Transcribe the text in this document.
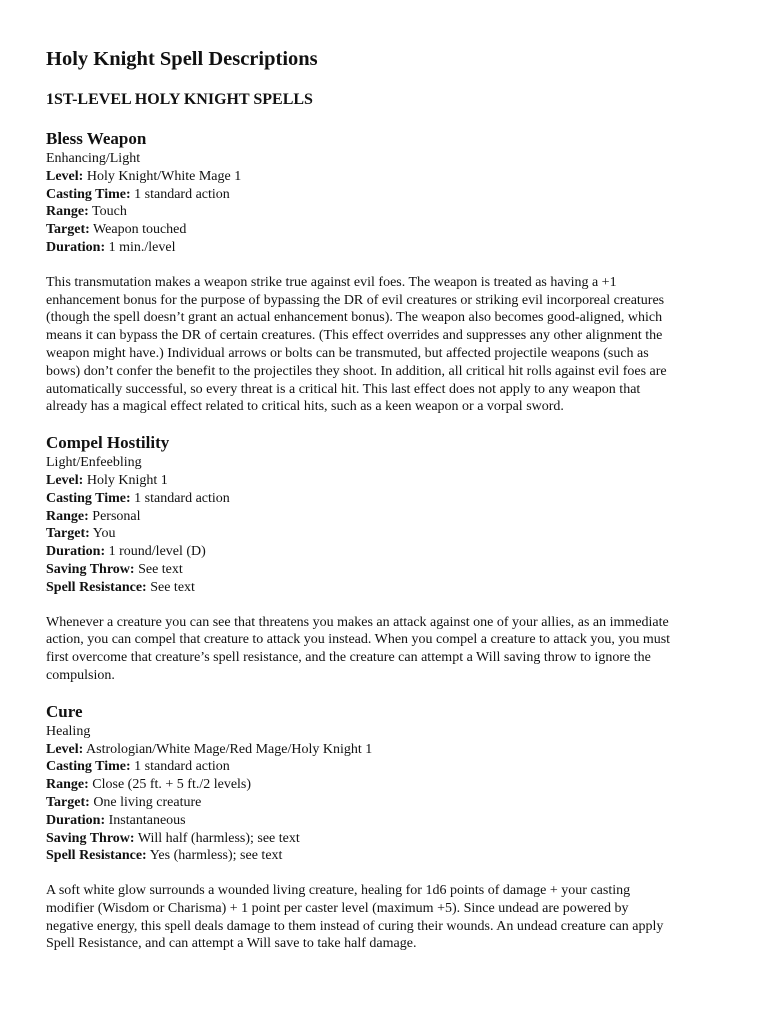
Holy Knight Spell Descriptions
1ST-LEVEL HOLY KNIGHT SPELLS
Bless Weapon
Enhancing/Light
Level: Holy Knight/White Mage 1
Casting Time: 1 standard action
Range: Touch
Target: Weapon touched
Duration: 1 min./level

This transmutation makes a weapon strike true against evil foes. The weapon is treated as having a +1
enhancement bonus for the purpose of bypassing the DR of evil creatures or striking evil incorporeal creatures
(though the spell doesn’t grant an actual enhancement bonus). The weapon also becomes good-aligned, which
means it can bypass the DR of certain creatures. (This effect overrides and suppresses any other alignment the
weapon might have.) Individual arrows or bolts can be transmuted, but affected projectile weapons (such as
bows) don’t confer the benefit to the projectiles they shoot. In addition, all critical hit rolls against evil foes are
automatically successful, so every threat is a critical hit. This last effect does not apply to any weapon that
already has a magical effect related to critical hits, such as a keen weapon or a vorpal sword.

Compel Hostility
Light/Enfeebling
Level: Holy Knight 1
Casting Time: 1 standard action
Range: Personal
Target: You
Duration: 1 round/level (D)
Saving Throw: See text
Spell Resistance: See text

Whenever a creature you can see that threatens you makes an attack against one of your allies, as an immediate
action, you can compel that creature to attack you instead. When you compel a creature to attack you, you must
first overcome that creature’s spell resistance, and the creature can attempt a Will saving throw to ignore the
compulsion.

Cure
Healing
Level: Astrologian/White Mage/Red Mage/Holy Knight 1
Casting Time: 1 standard action
Range: Close (25 ft. + 5 ft./2 levels)
Target: One living creature
Duration: Instantaneous
Saving Throw: Will half (harmless); see text
Spell Resistance: Yes (harmless); see text

A soft white glow surrounds a wounded living creature, healing for 1d6 points of damage + your casting
modifier (Wisdom or Charisma) + 1 point per caster level (maximum +5). Since undead are powered by
negative energy, this spell deals damage to them instead of curing their wounds. An undead creature can apply
Spell Resistance, and can attempt a Will save to take half damage.
